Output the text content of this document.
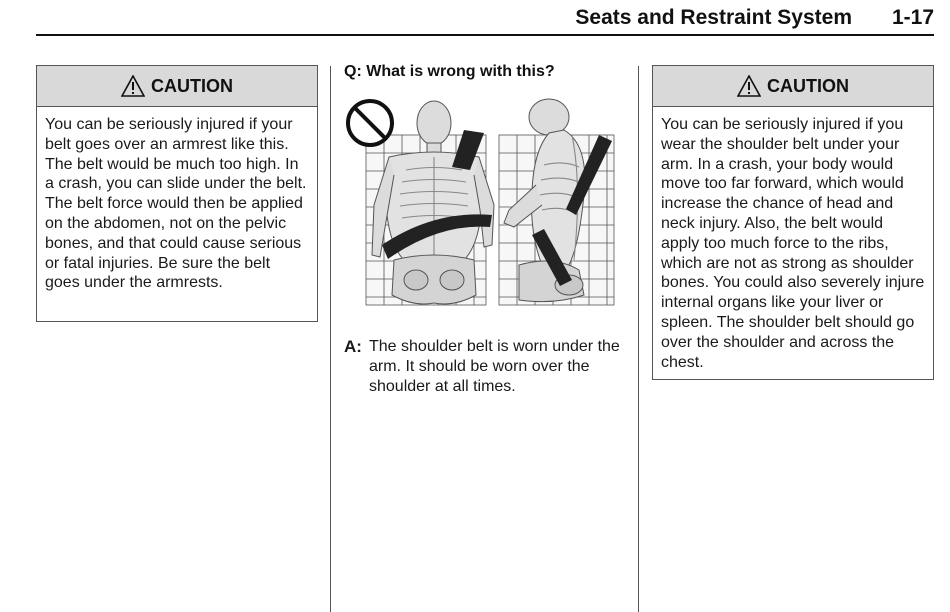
Seats and Restraint System 1-17
CAUTION
You can be seriously injured if your belt goes over an armrest like this. The belt would be much too high. In a crash, you can slide under the belt. The belt force would then be applied on the abdomen, not on the pelvic bones, and that could cause serious or fatal injuries. Be sure the belt goes under the armrests.
Q: What is wrong with this?
A: The shoulder belt is worn under the arm. It should be worn over the shoulder at all times.
CAUTION
You can be seriously injured if you wear the shoulder belt under your arm. In a crash, your body would move too far forward, which would increase the chance of head and neck injury. Also, the belt would apply too much force to the ribs, which are not as strong as shoulder bones. You could also severely injure internal organs like your liver or spleen. The shoulder belt should go over the shoulder and across the chest.
